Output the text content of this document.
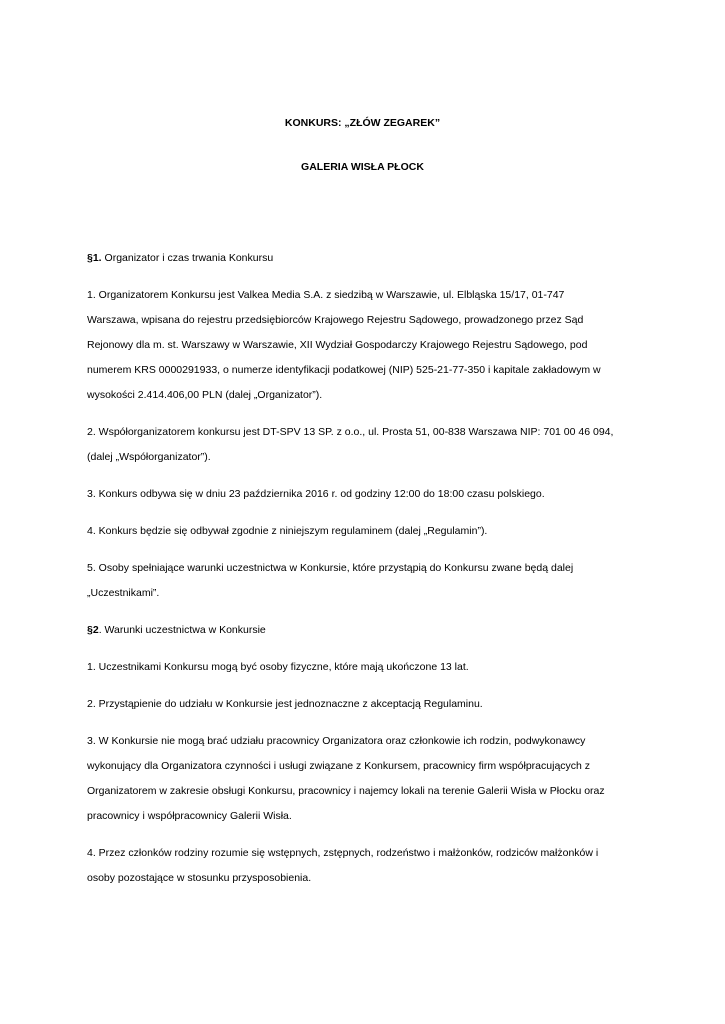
KONKURS: „ZŁÓW ZEGAREK”
GALERIA WISŁA PŁOCK
§1. Organizator i czas trwania Konkursu
1. Organizatorem Konkursu jest Valkea Media S.A. z siedzibą w Warszawie, ul. Elbląska 15/17, 01-747
Warszawa, wpisana do rejestru przedsiębiorców Krajowego Rejestru Sądowego, prowadzonego przez Sąd
Rejonowy dla m. st. Warszawy w Warszawie, XII Wydział Gospodarczy Krajowego Rejestru Sądowego, pod
numerem KRS 0000291933, o numerze identyfikacji podatkowej (NIP) 525-21-77-350 i kapitale zakładowym w
wysokości 2.414.406,00 PLN (dalej „Organizator”).
2. Współorganizatorem konkursu jest DT-SPV 13 SP. z o.o., ul. Prosta 51, 00-838 Warszawa NIP: 701 00 46 094,
(dalej „Współorganizator”).
3. Konkurs odbywa się w dniu 23 października 2016 r. od godziny 12:00 do 18:00 czasu polskiego.
4. Konkurs będzie się odbywał zgodnie z niniejszym regulaminem (dalej „Regulamin”).
5. Osoby spełniające warunki uczestnictwa w Konkursie, które przystąpią do Konkursu zwane będą dalej
„Uczestnikami”.
§2. Warunki uczestnictwa w Konkursie
1. Uczestnikami Konkursu mogą być osoby fizyczne, które mają ukończone 13 lat.
2. Przystąpienie do udziału w Konkursie jest jednoznaczne z akceptacją Regulaminu.
3. W Konkursie nie mogą brać udziału pracownicy Organizatora oraz członkowie ich rodzin, podwykonawcy
wykonujący dla Organizatora czynności i usługi związane z Konkursem, pracownicy firm współpracujących z
Organizatorem w zakresie obsługi Konkursu, pracownicy i najemcy lokali na terenie Galerii Wisła w Płocku oraz
pracownicy i współpracownicy Galerii Wisła.
4. Przez członków rodziny rozumie się wstępnych, zstępnych, rodzeństwo i małżonków, rodziców małżonków i
osoby pozostające w stosunku przysposobienia.
